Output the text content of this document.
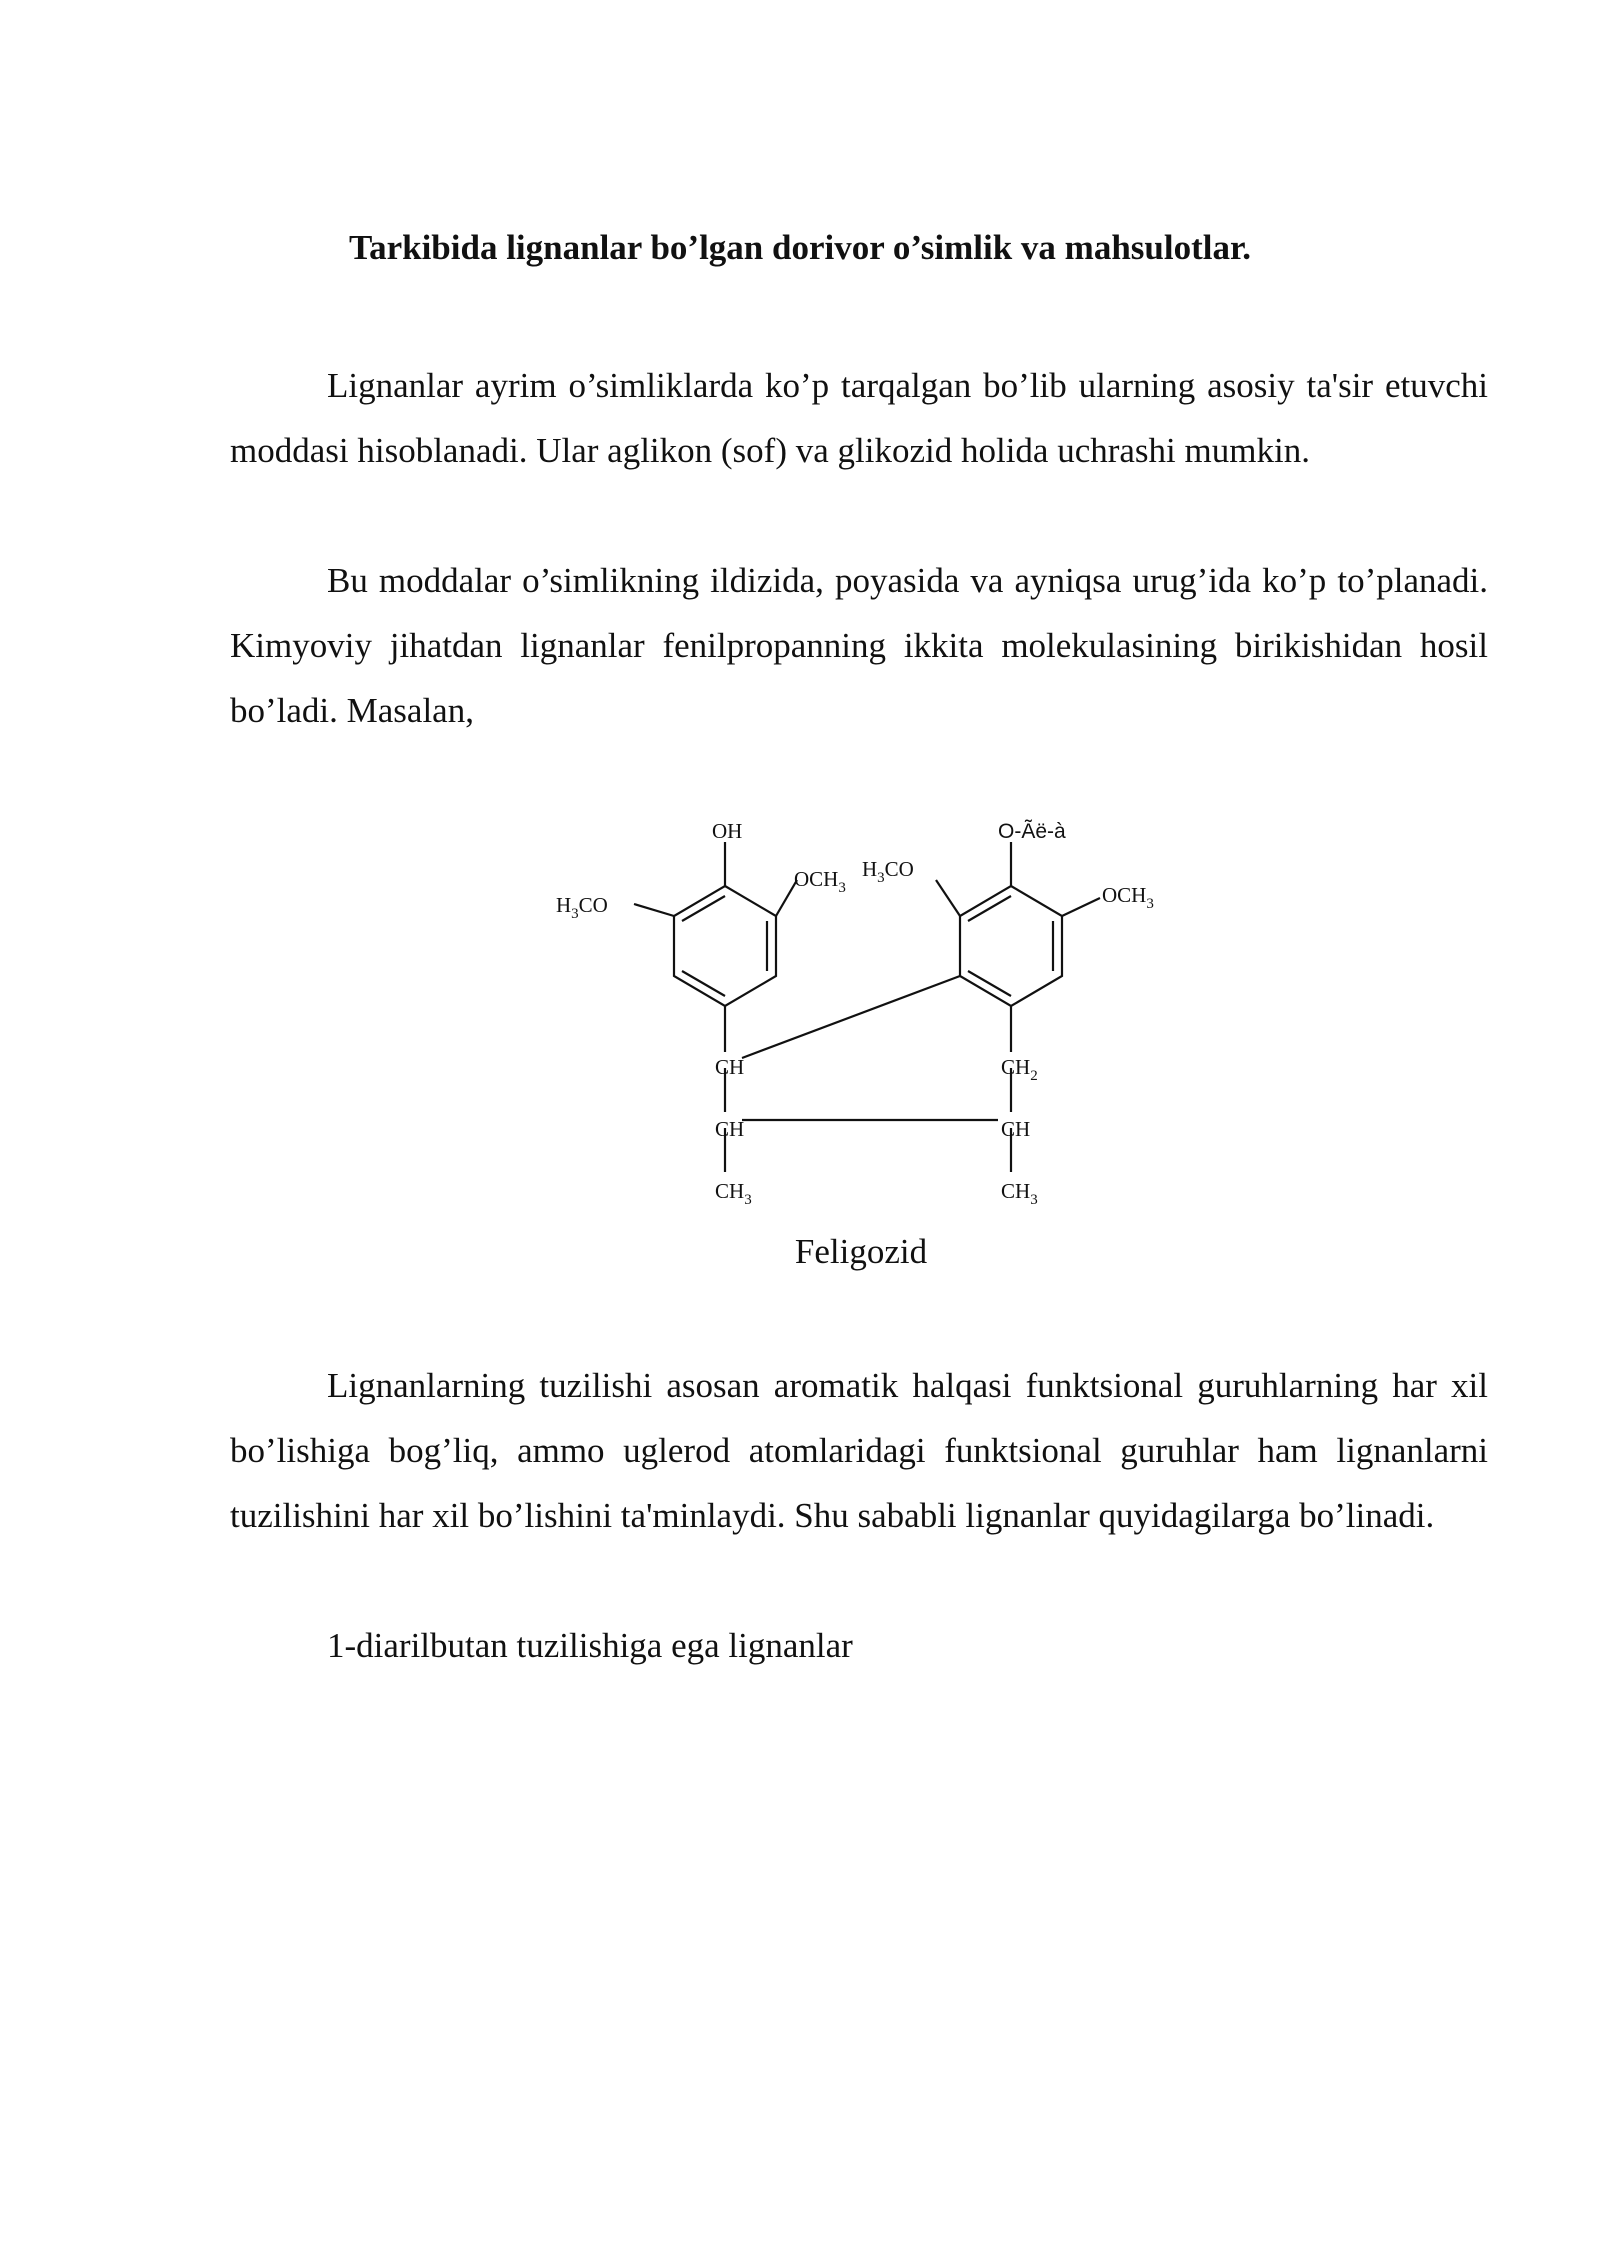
Tarkibida lignanlar bo’lgan dorivor o’simlik va mahsulotlar.

Lignanlar ayrim o’simliklarda ko’p tarqalgan bo’lib ularning asosiy ta'sir etuvchi moddasi hisoblanadi. Ular aglikon (sof) va glikozid holida uchrashi mumkin.

Bu moddalar o’simlikning ildizida, poyasida va ayniqsa urug’ida ko’p to’planadi. Kimyoviy jihatdan lignanlar fenilpropanning ikkita molekulasining birikishidan hosil bo’ladi. Masalan,

OH	O-Ãë-à
$OCH_3$
$H_3CO$
$H_3CO$	$OCH_3$
CH
CH
$CH_3$
$CH_2$
CH
$CH_3$
Feligozid

Lignanlarning tuzilishi asosan aromatik halqasi funktsional guruhlarning har xil bo’lishiga bog’liq, ammo uglerod atomlaridagi funktsional guruhlar ham lignanlarni tuzilishini har xil bo’lishini ta'minlaydi. Shu sababli lignanlar quyidagilarga bo’linadi.

1-diarilbutan tuzilishiga ega lignanlar
